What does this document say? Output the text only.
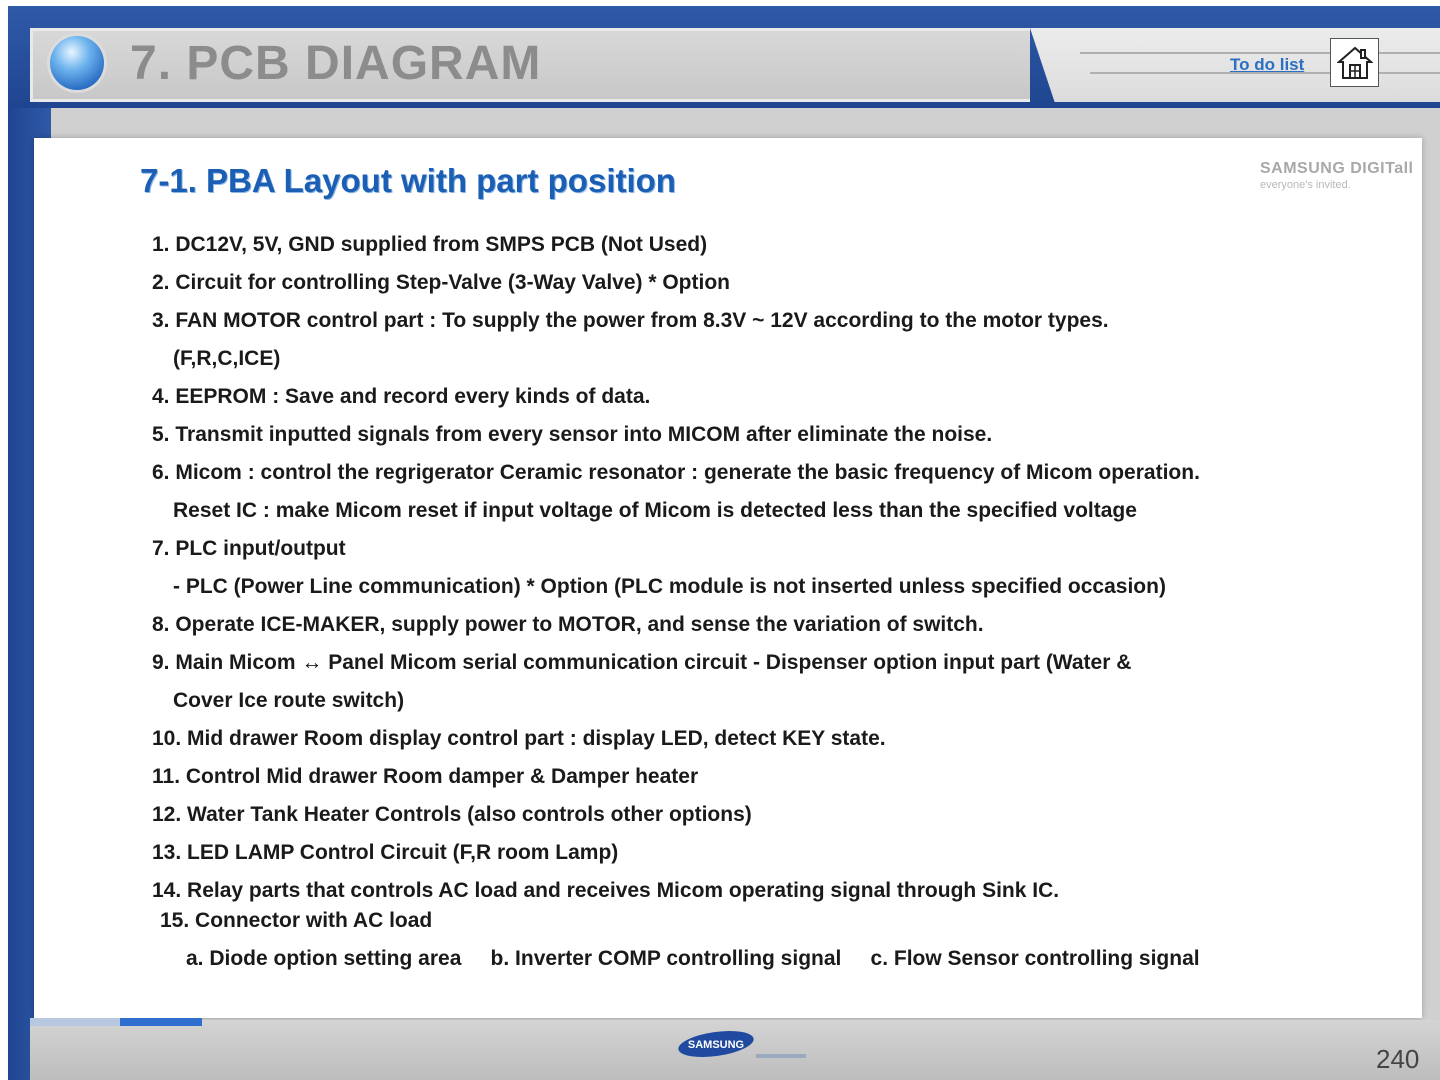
7. PCB DIAGRAM	To do list
7-1. PBA Layout with part position	SAMSUNG DIGITall
everyone's invited.
1. DC12V, 5V, GND supplied from SMPS PCB (Not Used)
2. Circuit for controlling Step-Valve (3-Way Valve) * Option
3. FAN MOTOR control part : To supply the power from 8.3V ~ 12V according to the motor types.
(F,R,C,ICE)
4. EEPROM : Save and record every kinds of data.
5. Transmit inputted signals from every sensor into MICOM after eliminate the noise.
6. Micom : control the regrigerator Ceramic resonator : generate the basic frequency of Micom operation.
Reset IC : make Micom reset if input voltage of Micom is detected less than the specified voltage
7. PLC input/output
- PLC (Power Line communication) * Option (PLC module is not inserted unless specified occasion)
8. Operate ICE-MAKER, supply power to MOTOR, and sense the variation of switch.
9. Main Micom ↔ Panel Micom serial communication circuit - Dispenser option input part (Water &
Cover Ice route switch)
10. Mid drawer Room display control part : display LED, detect KEY state.
11. Control Mid drawer Room damper & Damper heater
12. Water Tank Heater Controls (also controls other options)
13. LED LAMP Control Circuit (F,R room Lamp)
14. Relay parts that controls AC load and receives Micom operating signal through Sink IC.
15. Connector with AC load
a. Diode option setting area     b. Inverter COMP controlling signal     c. Flow Sensor controlling signal
SAMSUNG	240
